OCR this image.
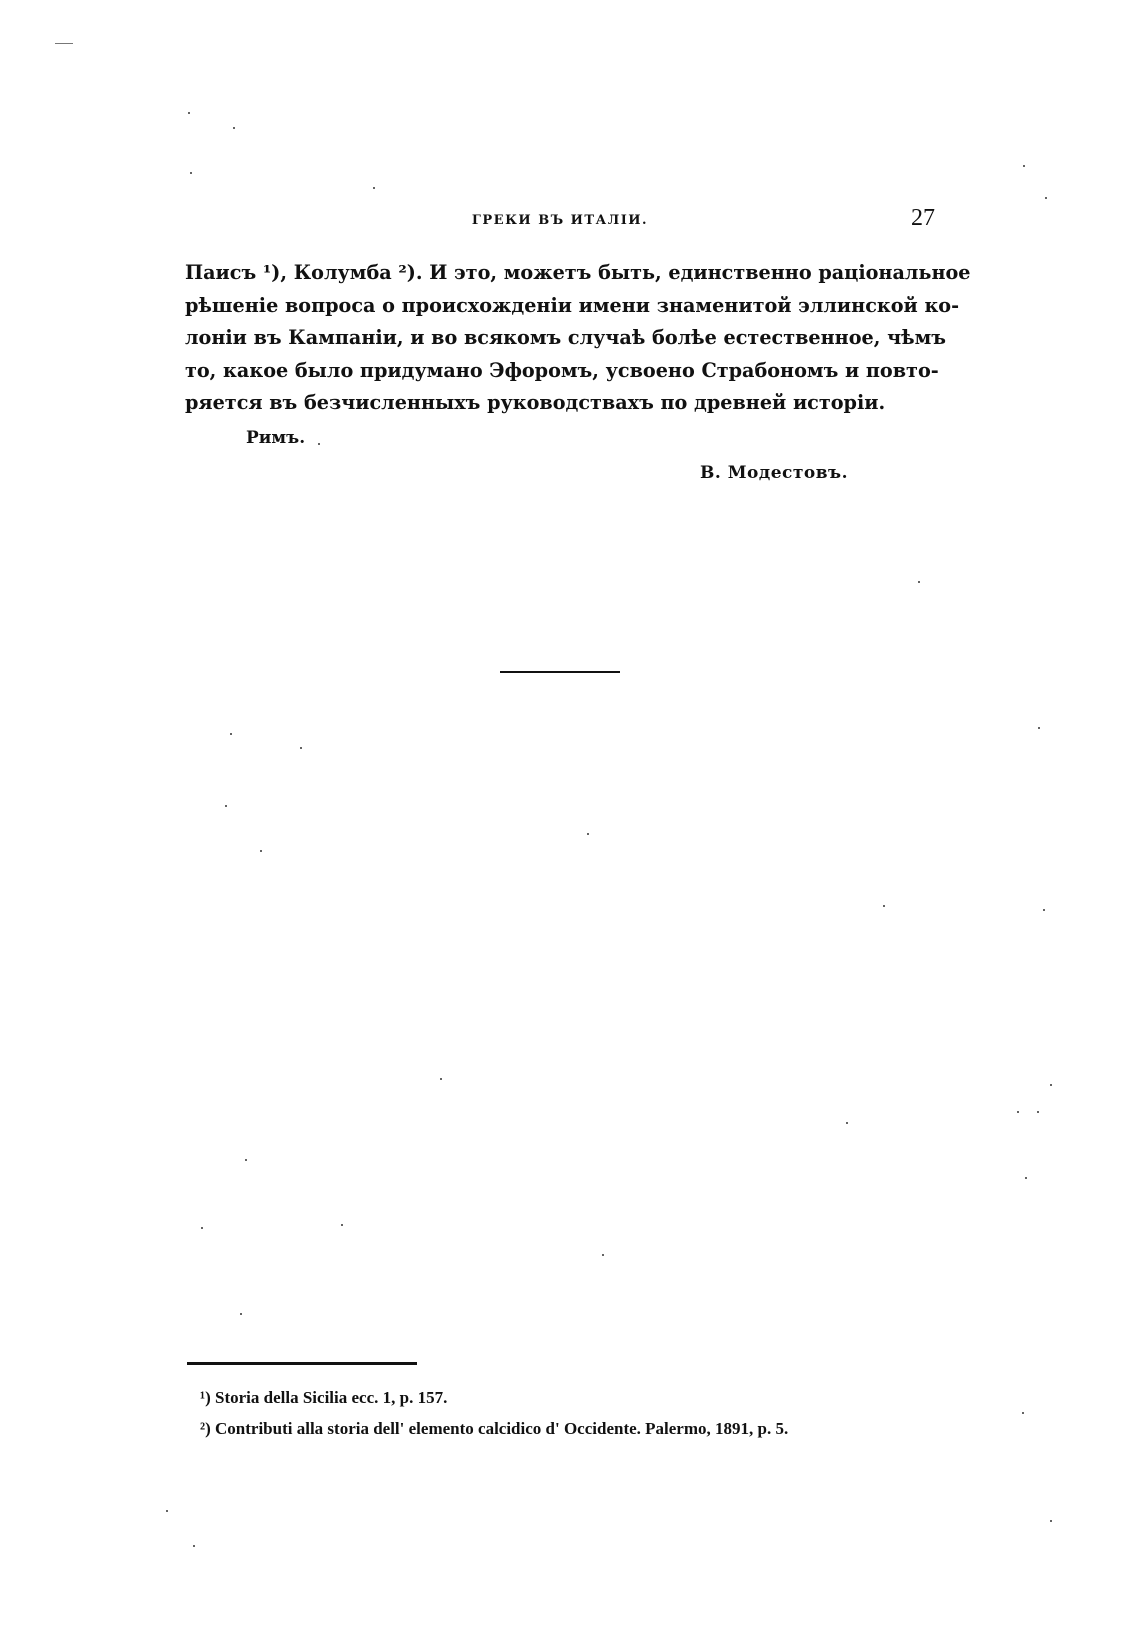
ГРЕКИ ВЪ ИТАЛІИ.	27

Паисъ ¹), Колумба ²). И это, можетъ быть, единственно раціональное
рѣшеніе вопроса о происхожденіи имени знаменитой эллинской ко-
лоніи въ Кампаніи, и во всякомъ случаѣ болѣе естественное, чѣмъ
то, какое было придумано Эфоромъ, усвоено Страбономъ и повто-
ряется въ безчисленныхъ руководствахъ по древней исторіи.

Римъ.
В. Модестовъ.
¹) Storia della Sicilia ecc. 1, p. 157.
²) Contributi alla storia dell' elemento calcidico d' Occidente. Palermo, 1891, p. 5.
